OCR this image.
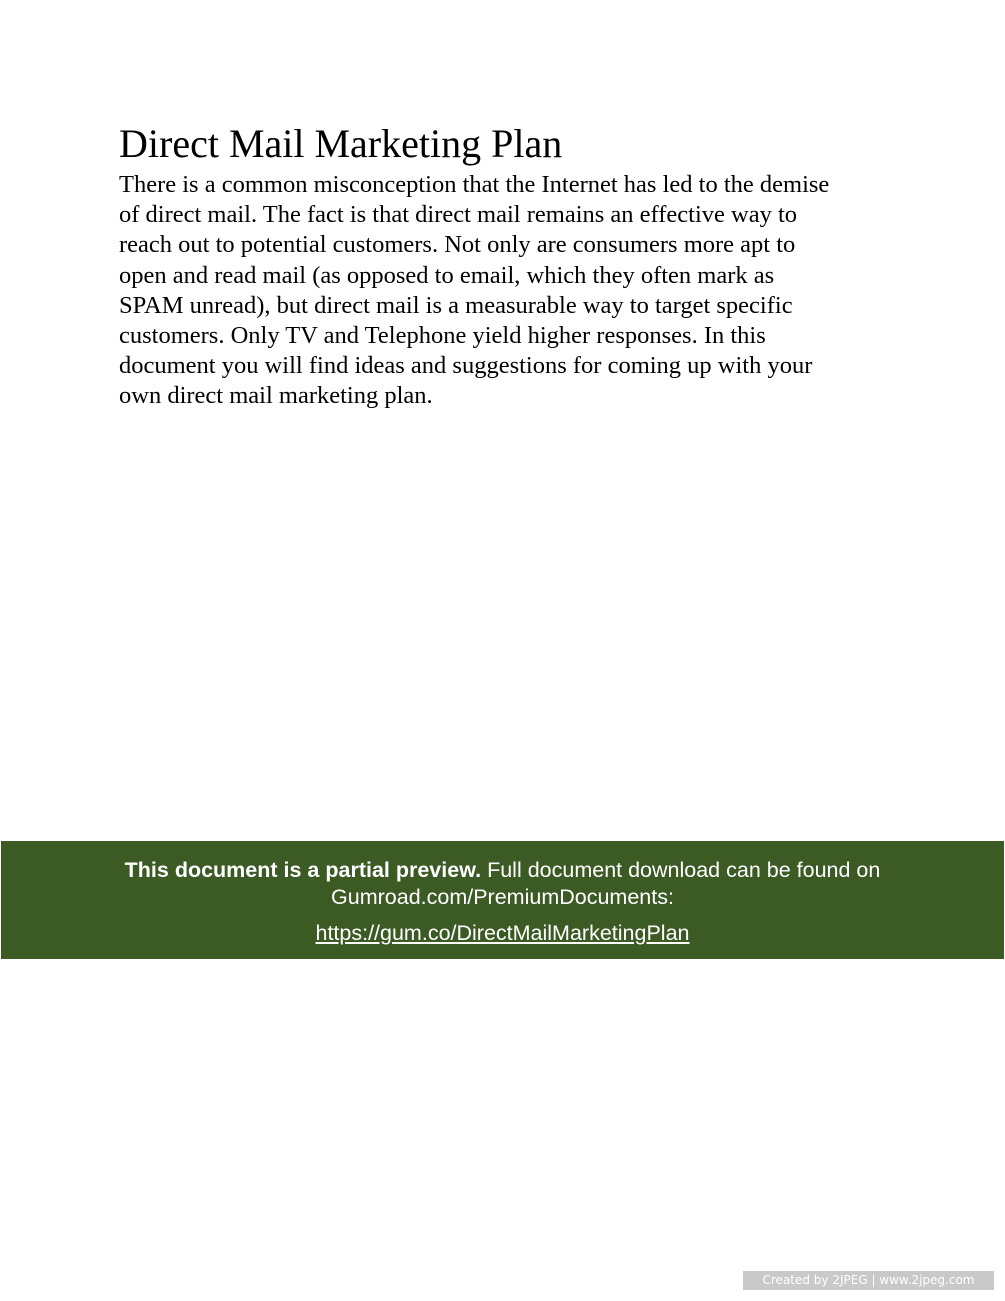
Direct Mail Marketing Plan
There is a common misconception that the Internet has led to the demise
of direct mail. The fact is that direct mail remains an effective way to
reach out to potential customers. Not only are consumers more apt to
open and read mail (as opposed to email, which they often mark as
SPAM unread), but direct mail is a measurable way to target specific
customers. Only TV and Telephone yield higher responses. In this
document you will find ideas and suggestions for coming up with your
own direct mail marketing plan.
This document is a partial preview. Full document download can be found on
Gumroad.com/PremiumDocuments:
https://gum.co/DirectMailMarketingPlan
Created by 2JPEG | www.2jpeg.com
